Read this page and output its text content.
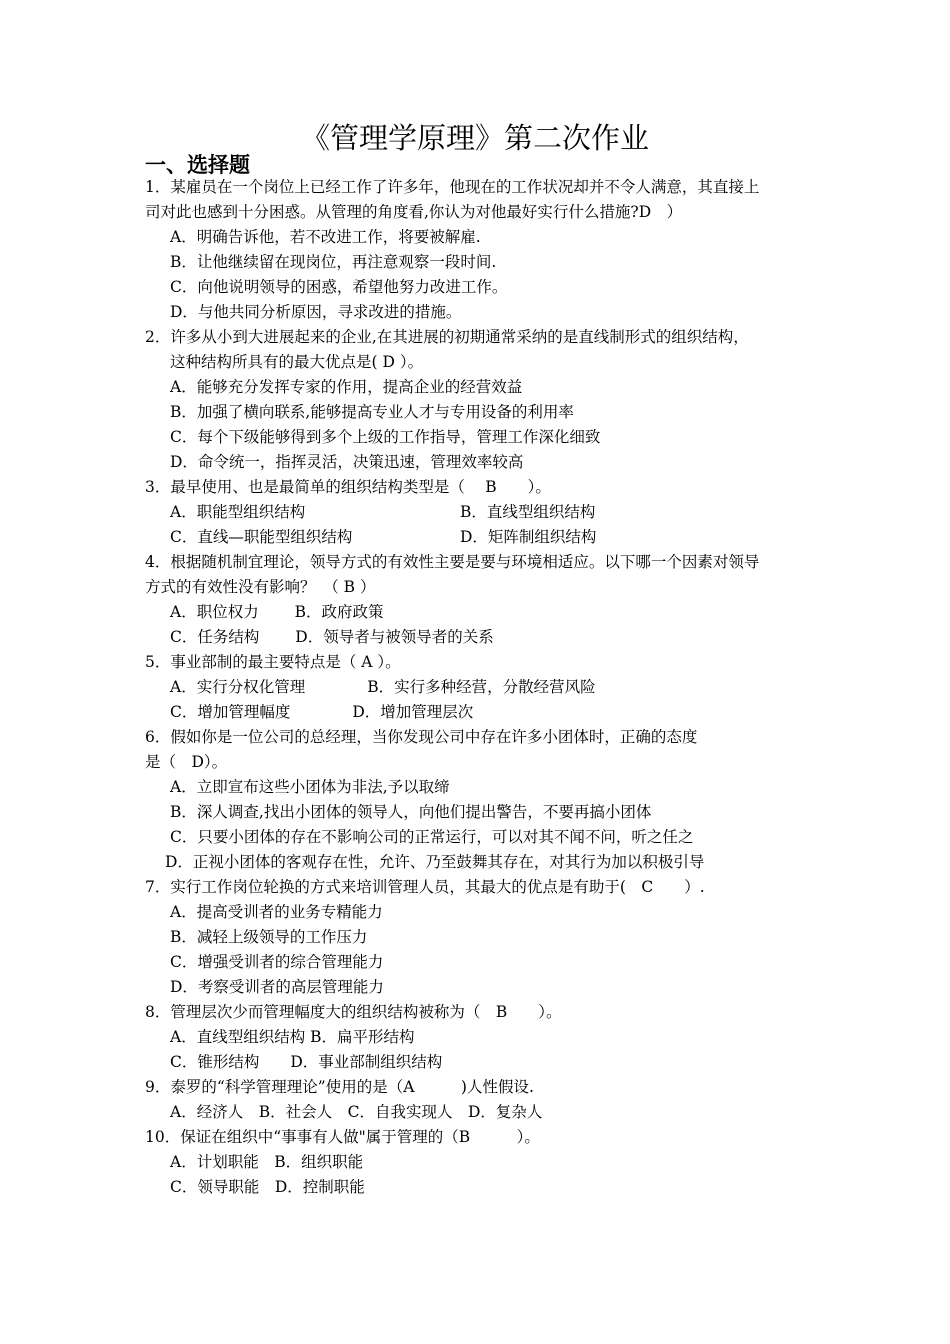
《管理学原理》第二次作业
一、选择题
1．某雇员在一个岗位上已经工作了许多年，他现在的工作状况却并不令人满意，其直接上
司对此也感到十分困惑。从管理的角度看,你认为对他最好实行什么措施?D　）
A．明确告诉他，若不改进工作，将要被解雇.
B．让他继续留在现岗位，再注意观察一段时间.
C．向他说明领导的困惑，希望他努力改进工作。
D．与他共同分析原因，寻求改进的措施。
2．许多从小到大进展起来的企业,在其进展的初期通常采纳的是直线制形式的组织结构，
这种结构所具有的最大优点是( D ）。
A．能够充分发挥专家的作用，提高企业的经营效益
B．加强了横向联系,能够提高专业人才与专用设备的利用率
C．每个下级能够得到多个上级的工作指导，管理工作深化细致
D．命令统一，指挥灵活，决策迅速，管理效率较高
3．最早使用、也是最简单的组织结构类型是（　 B　　）。
A．职能型组织结构	B．直线型组织结构
C．直线—职能型组织结构	D．矩阵制组织结构
4．根据随机制宜理论，领导方式的有效性主要是要与环境相适应。以下哪一个因素对领导
方式的有效性没有影响？　（ B ）
A．职位权力　　 B．政府政策
C．任务结构　　 D．领导者与被领导者的关系
5．事业部制的最主要特点是（ A ）。
A．实行分权化管理　　　　B．实行多种经营，分散经营风险
C．增加管理幅度　　　　D．增加管理层次
6．假如你是一位公司的总经理，当你发现公司中存在许多小团体时，正确的态度
是（　D）。
A．立即宣布这些小团体为非法,予以取缔
B．深人调查,找出小团体的领导人，向他们提出警告，不要再搞小团体
C．只要小团体的存在不影响公司的正常运行，可以对其不闻不问，听之任之
D．正视小团体的客观存在性，允许、乃至鼓舞其存在，对其行为加以积极引导
7．实行工作岗位轮换的方式来培训管理人员，其最大的优点是有助于(　C　　）.
A．提高受训者的业务专精能力
B．减轻上级领导的工作压力
C．增强受训者的综合管理能力
D．考察受训者的高层管理能力
8．管理层次少而管理幅度大的组织结构被称为（　B　　）。
A．直线型组织结构 B．扁平形结构
C．锥形结构　　D．事业部制组织结构
9．泰罗的“科学管理理论”使用的是（A　　　)人性假设.
A．经济人　B．社会人　C．自我实现人　D．复杂人
10．保证在组织中“事事有人做"属于管理的（B　　　）。
A．计划职能　B．组织职能
C．领导职能　D．控制职能
